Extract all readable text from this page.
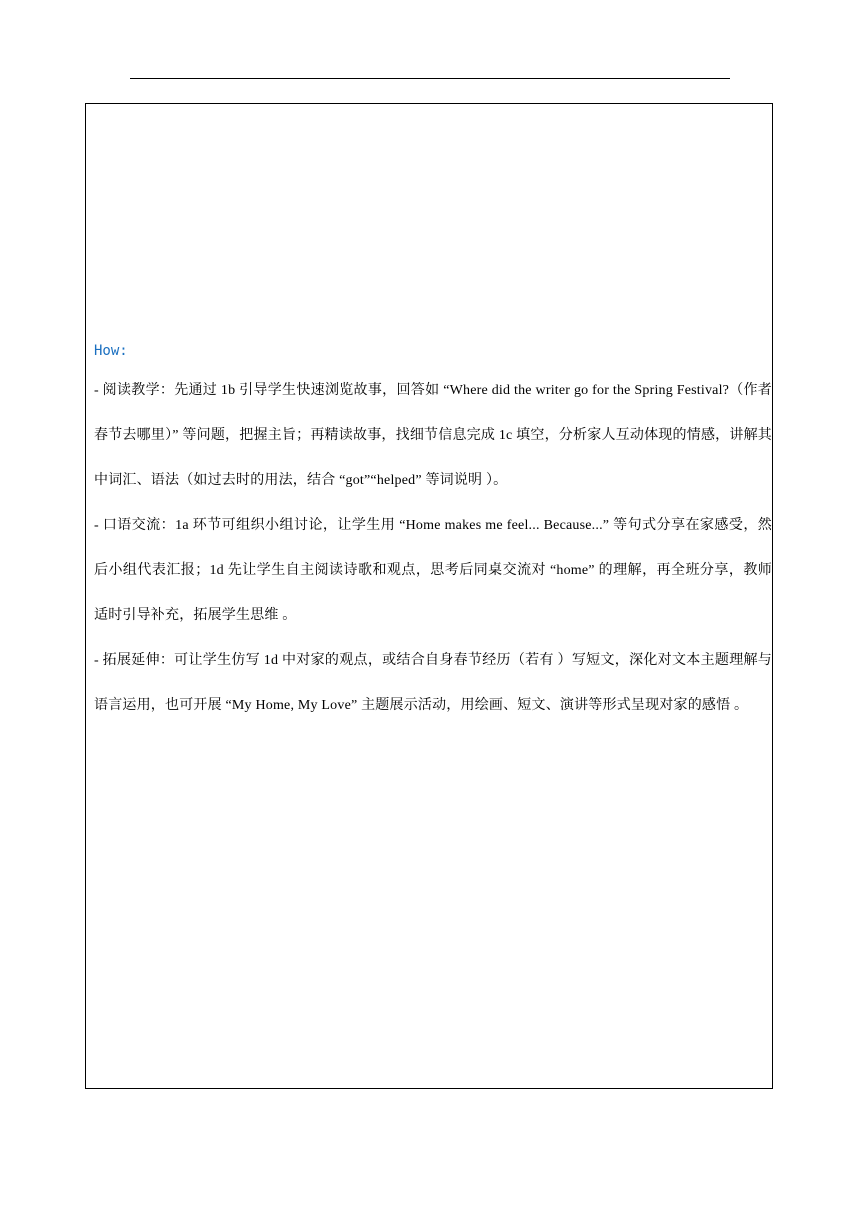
How:

- 阅读教学：先通过 1b 引导学生快速浏览故事，回答如 “Where did the writer go for the Spring Festival?（作者春节去哪里）” 等问题，把握主旨；再精读故事，找细节信息完成 1c 填空，分析家人互动体现的情感，讲解其中词汇、语法（如过去时的用法，结合 “got”“helped” 等词说明 ）。

- 口语交流：1a 环节可组织小组讨论，让学生用 “Home makes me feel... Because...” 等句式分享在家感受，然后小组代表汇报；1d 先让学生自主阅读诗歌和观点，思考后同桌交流对 “home” 的理解，再全班分享，教师适时引导补充，拓展学生思维 。

- 拓展延伸：可让学生仿写 1d 中对家的观点，或结合自身春节经历（若有 ）写短文，深化对文本主题理解与语言运用，也可开展 “My Home, My Love” 主题展示活动，用绘画、短文、演讲等形式呈现对家的感悟 。
